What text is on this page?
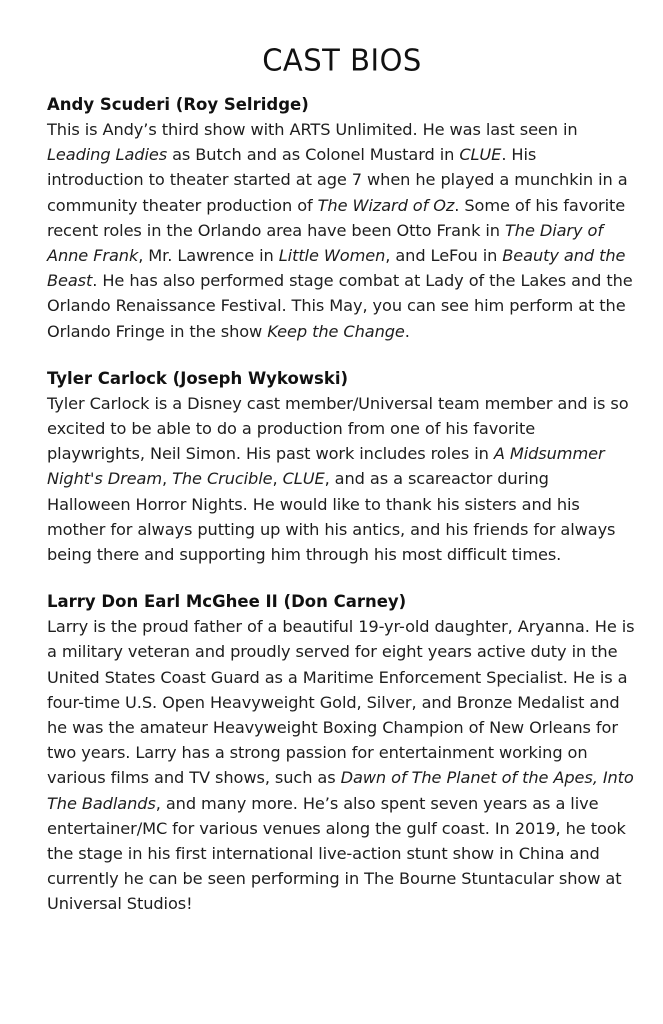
CAST BIOS

Andy Scuderi (Roy Selridge)

This is Andy’s third show with ARTS Unlimited. He was last seen in Leading Ladies as Butch and as Colonel Mustard in CLUE. His introduction to theater started at age 7 when he played a munchkin in a community theater production of The Wizard of Oz. Some of his favorite recent roles in the Orlando area have been Otto Frank in The Diary of Anne Frank, Mr. Lawrence in Little Women, and LeFou in Beauty and the Beast. He has also performed stage combat at Lady of the Lakes and the Orlando Renaissance Festival. This May, you can see him perform at the Orlando Fringe in the show Keep the Change.

Tyler Carlock (Joseph Wykowski)

Tyler Carlock is a Disney cast member/Universal team member and is so excited to be able to do a production from one of his favorite playwrights, Neil Simon. His past work includes roles in A Midsummer Night's Dream, The Crucible, CLUE, and as a scareactor during Halloween Horror Nights. He would like to thank his sisters and his mother for always putting up with his antics, and his friends for always being there and supporting him through his most difficult times.

Larry Don Earl McGhee II (Don Carney)

Larry is the proud father of a beautiful 19-yr-old daughter, Aryanna. He is a military veteran and proudly served for eight years active duty in the United States Coast Guard as a Maritime Enforcement Specialist. He is a four-time U.S. Open Heavyweight Gold, Silver, and Bronze Medalist and he was the amateur Heavyweight Boxing Champion of New Orleans for two years. Larry has a strong passion for entertainment working on various films and TV shows, such as Dawn of The Planet of the Apes, Into The Badlands, and many more. He’s also spent seven years as a live entertainer/MC for various venues along the gulf coast. In 2019, he took the stage in his first international live-action stunt show in China and currently he can be seen performing in The Bourne Stuntacular show at Universal Studios!
